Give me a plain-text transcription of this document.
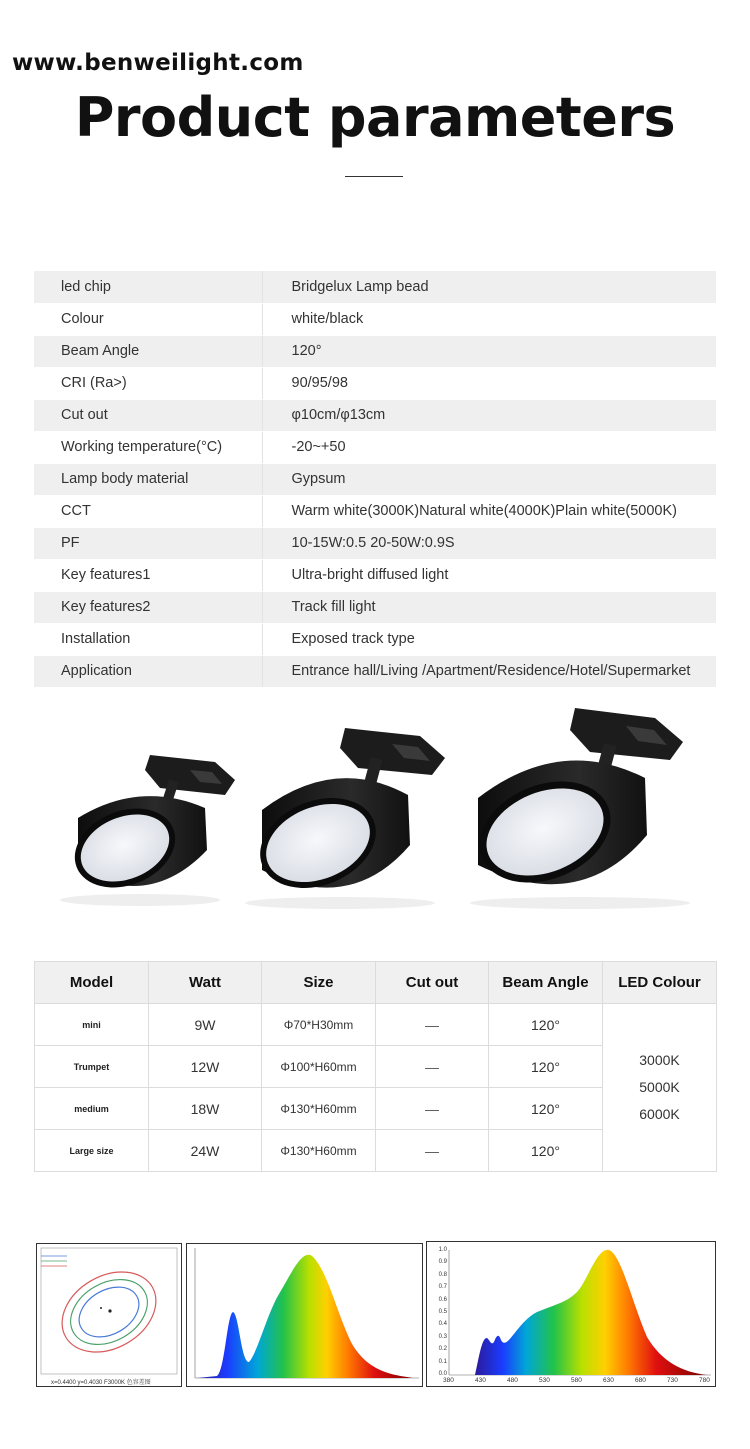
www.benweilight.com
Product parameters
led chip	Bridgelux Lamp bead
Colour	white/black
Beam Angle	120°
CRI (Ra>)	90/95/98
Cut out	φ10cm/φ13cm
Working temperature(°C)	-20~+50
Lamp body material	Gypsum
CCT	Warm white(3000K)Natural white(4000K)Plain white(5000K)
PF	10-15W:0.5 20-50W:0.9S
Key features1	Ultra-bright diffused light
Key features2	Track fill light
Installation	Exposed track type
Application	Entrance hall/Living /Apartment/Residence/Hotel/Supermarket
Model	Watt	Size	Cut out	Beam Angle	LED Colour
mini	9W	Φ70*H30mm	—	120°	3000K
5000K
6000K

Trumpet	12W	Φ100*H60mm	—	120°	
medium	18W	Φ130*H60mm	—	120°	
Large size	24W	Φ130*H60mm	—	120°	
x=0.4400 y=0.4030 F3000K 色容差图
1.0
0.9
0.8
0.7
0.6
0.5
0.4
0.3
0.2
0.1
0.0
380	430	480	530	580	630	680	730	780
